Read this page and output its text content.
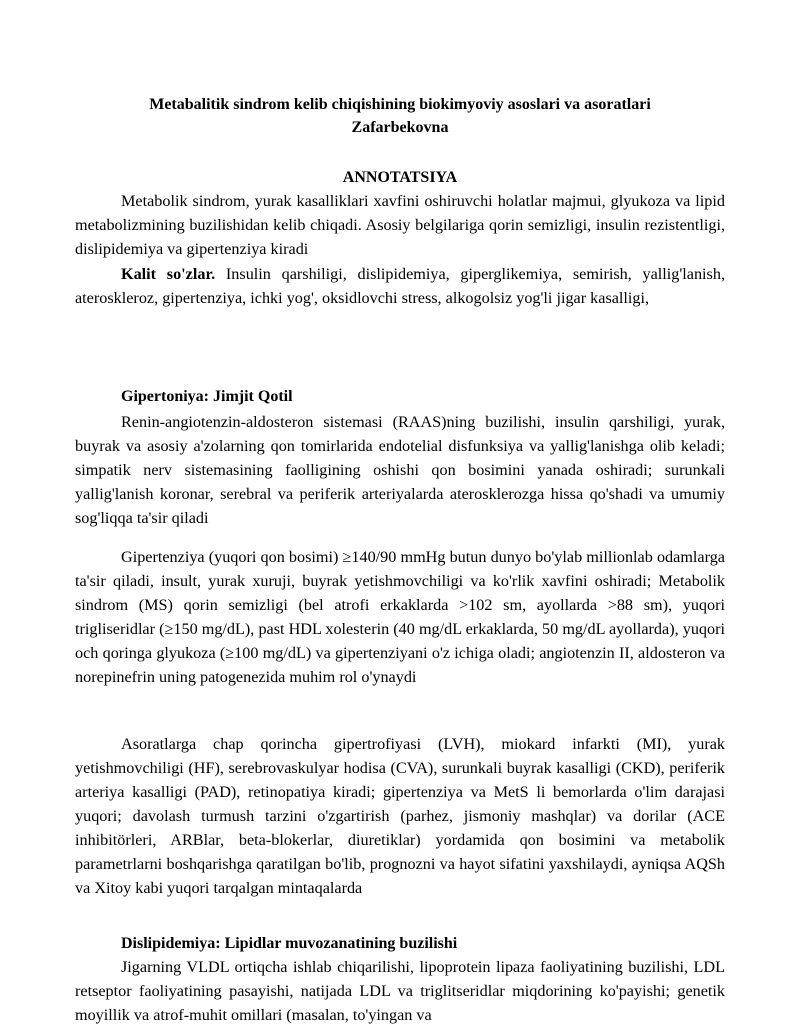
Metabalitik sindrom kelib chiqishining biokimyoviy asoslari va asoratlari

Zafarbekovna

ANNOTATSIYA

Metabolik sindrom, yurak kasalliklari xavfini oshiruvchi holatlar majmui, glyukoza va lipid metabolizmining buzilishidan kelib chiqadi. Asosiy belgilariga qorin semizligi, insulin rezistentligi, dislipidemiya va gipertenziya kiradi

Kalit so'zlar. Insulin qarshiligi, dislipidemiya, giperglikemiya, semirish, yallig'lanish, ateroskleroz, gipertenziya, ichki yog', oksidlovchi stress, alkogolsiz yog'li jigar kasalligi,

Gipertoniya: Jimjit Qotil

Renin-angiotenzin-aldosteron sistemasi (RAAS)ning buzilishi, insulin qarshiligi, yurak, buyrak va asosiy a'zolarning qon tomirlarida endotelial disfunksiya va yallig'lanishga olib keladi; simpatik nerv sistemasining faolligining oshishi qon bosimini yanada oshiradi; surunkali yallig'lanish koronar, serebral va periferik arteriyalarda aterosklerozga hissa qo'shadi va umumiy sog'liqqa ta'sir qiladi

Gipertenziya (yuqori qon bosimi) ≥140/90 mmHg butun dunyo bo'ylab millionlab odamlarga ta'sir qiladi, insult, yurak xuruji, buyrak yetishmovchiligi va ko'rlik xavfini oshiradi; Metabolik sindrom (MS) qorin semizligi (bel atrofi erkaklarda >102 sm, ayollarda >88 sm), yuqori trigliseridlar (≥150 mg/dL), past HDL xolesterin (40 mg/dL erkaklarda, 50 mg/dL ayollarda), yuqori och qoringa glyukoza (≥100 mg/dL) va gipertenziyani o'z ichiga oladi; angiotenzin II, aldosteron va norepinefrin uning patogenezida muhim rol o'ynaydi

Asoratlarga chap qorincha gipertrofiyasi (LVH), miokard infarkti (MI), yurak yetishmovchiligi (HF), serebrovaskulyar hodisa (CVA), surunkali buyrak kasalligi (CKD), periferik arteriya kasalligi (PAD), retinopatiya kiradi; gipertenziya va MetS li bemorlarda o'lim darajasi yuqori; davolash turmush tarzini o'zgartirish (parhez, jismoniy mashqlar) va dorilar (ACE inhibitörleri, ARBlar, beta-blokerlar, diuretiklar) yordamida qon bosimini va metabolik parametrlarni boshqarishga qaratilgan bo'lib, prognozni va hayot sifatini yaxshilaydi, ayniqsa AQSh va Xitoy kabi yuqori tarqalgan mintaqalarda

Dislipidemiya: Lipidlar muvozanatining buzilishi

Jigarning VLDL ortiqcha ishlab chiqarilishi, lipoprotein lipaza faoliyatining buzilishi, LDL retseptor faoliyatining pasayishi, natijada LDL va triglitseridlar miqdorining ko'payishi; genetik moyillik va atrof-muhit omillari (masalan, to'yingan va
